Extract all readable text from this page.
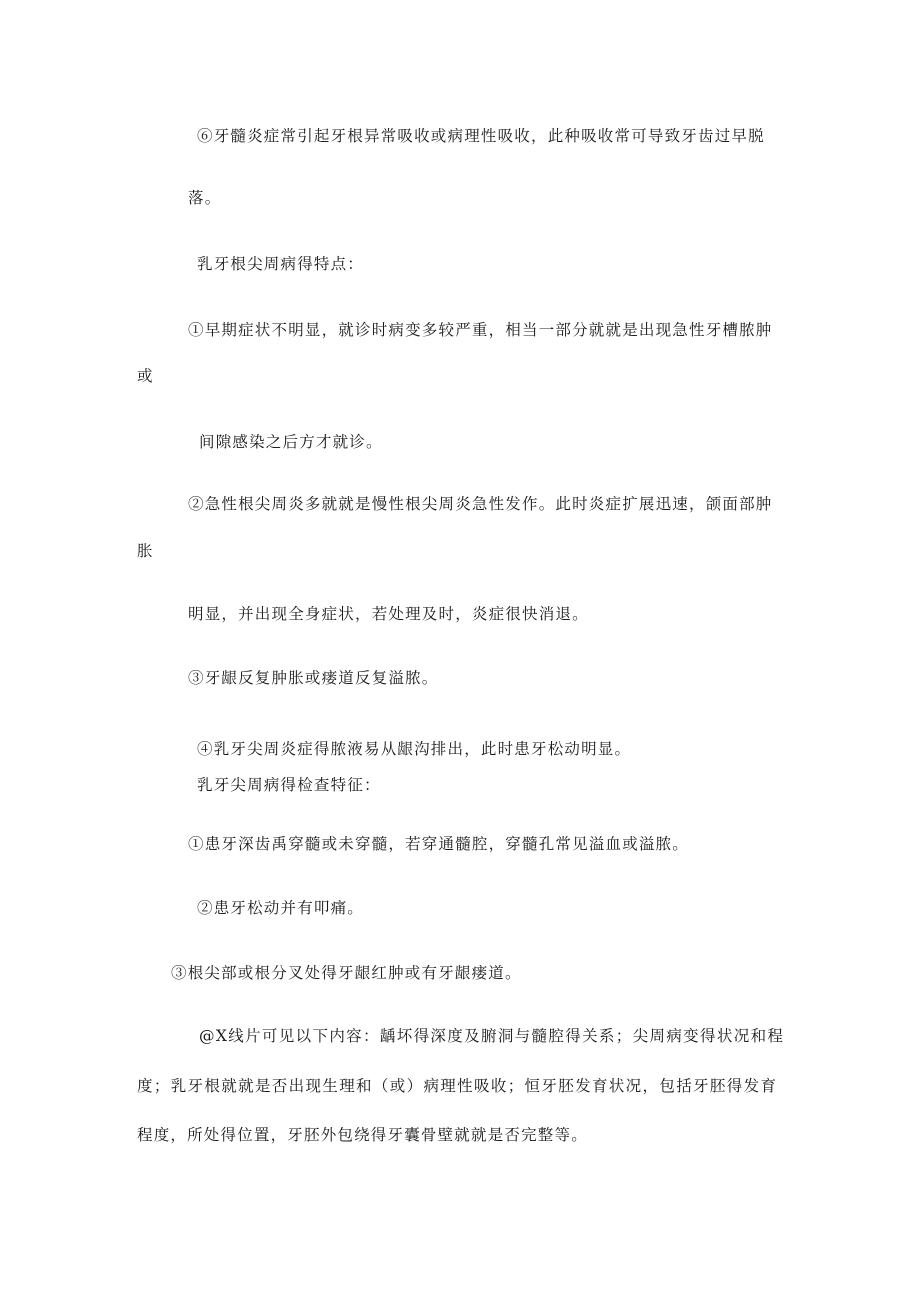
⑥牙髓炎症常引起牙根异常吸收或病理性吸收，此种吸收常可导致牙齿过早脱
落。
乳牙根尖周病得特点：
①早期症状不明显，就诊时病变多较严重，相当一部分就就是出现急性牙槽脓肿
或
间隙感染之后方才就诊。
②急性根尖周炎多就就是慢性根尖周炎急性发作。此时炎症扩展迅速，颌面部肿
胀
明显，并出现全身症状，若处理及时，炎症很快消退。
③牙龈反复肿胀或瘘道反复溢脓。
④乳牙尖周炎症得脓液易从龈沟排出，此时患牙松动明显。
乳牙尖周病得检查特征：
①患牙深齿禹穿髓或未穿髓，若穿通髓腔，穿髓孔常见溢血或溢脓。
②患牙松动并有叩痛。
③根尖部或根分叉处得牙龈红肿或有牙龈瘘道。
@X线片可见以下内容：龋坏得深度及腑洞与髓腔得关系；尖周病变得状况和程
度；乳牙根就就是否出现生理和（或）病理性吸收；恒牙胚发育状况，包括牙胚得发育
程度，所处得位置，牙胚外包绕得牙囊骨壁就就是否完整等。
